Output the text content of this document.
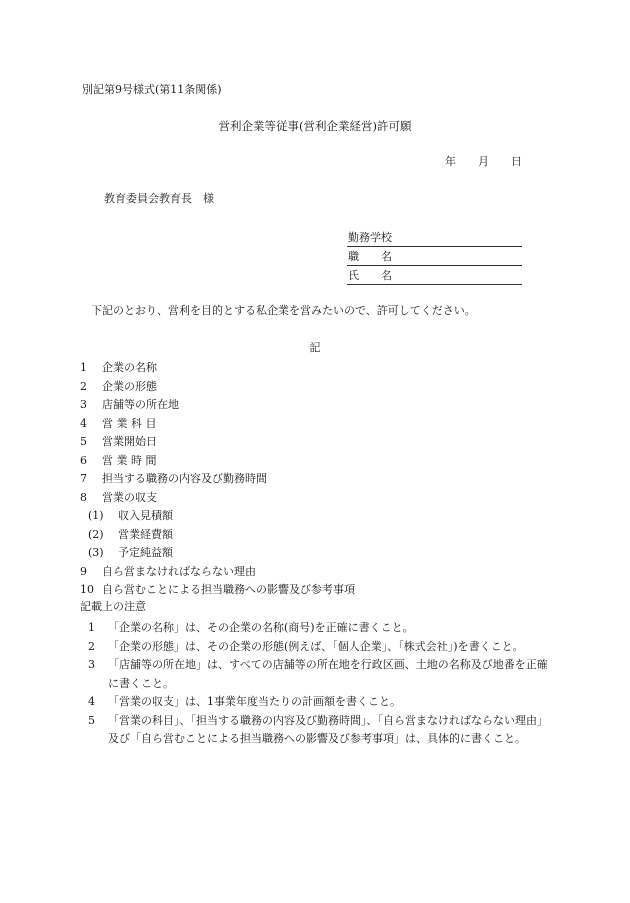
別記第9号様式(第11条関係)
営利企業等従事(営利企業経営)許可願
年 月 日
教育委員会教育長　様
勤務学校
職　　名
氏　　名
下記のとおり、営利を目的とする私企業を営みたいので、許可してください。
記
1 企業の名称
2 企業の形態
3 店舗等の所在地
4 営 業 科 目
5 営業開始日
6 営 業 時 間
7 担当する職務の内容及び勤務時間
8 営業の収支
(1) 収入見積額
(2) 営業経費額
(3) 予定純益額
9 自ら営まなければならない理由
10 自ら営むことによる担当職務への影響及び参考事項
記載上の注意
1	「企業の名称」は、その企業の名称(商号)を正確に書くこと。
2	「企業の形態」は、その企業の形態(例えば、「個人企業」、「株式会社」)を書くこと。
3	「店舗等の所在地」は、すべての店舗等の所在地を行政区画、土地の名称及び地番を正確に書くこと。
4	「営業の収支」は、1事業年度当たりの計画額を書くこと。
5	「営業の科目」、「担当する職務の内容及び勤務時間」、「自ら営まなければならない理由」及び「自ら営むことによる担当職務への影響及び参考事項」は、具体的に書くこと。
